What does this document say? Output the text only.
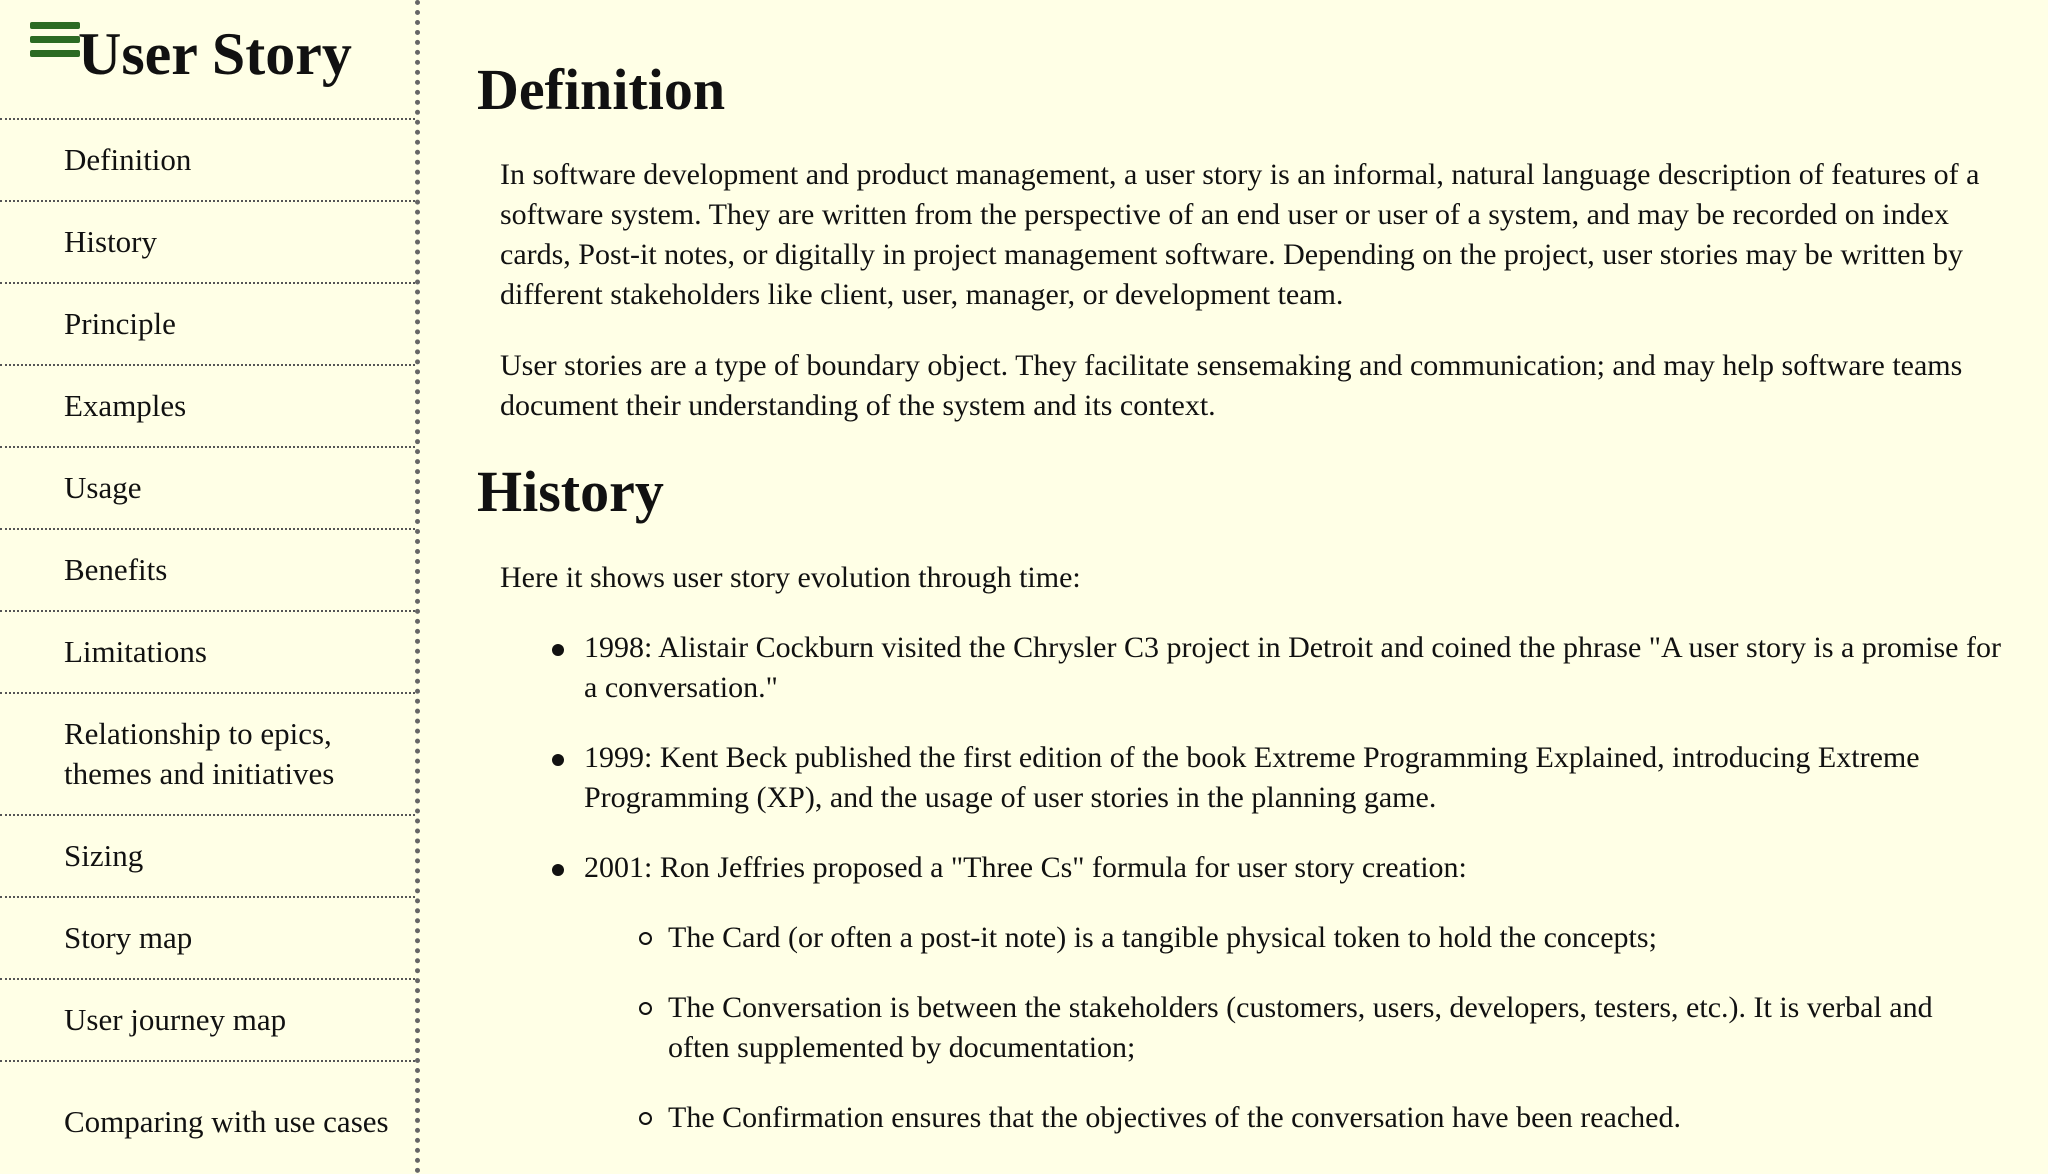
User Story
Definition
History
Principle
Examples
Usage
Benefits
Limitations
Relationship to epics, themes and initiatives
Sizing
Story map
User journey map
Comparing with use cases
Definition

In software development and product management, a user story is an informal, natural language description of features of a software system. They are written from the perspective of an end user or user of a system, and may be recorded on index cards, Post-it notes, or digitally in project management software. Depending on the project, user stories may be written by different stakeholders like client, user, manager, or development team.

User stories are a type of boundary object. They facilitate sensemaking and communication; and may help software teams document their understanding of the system and its context.

History

Here it shows user story evolution through time:

1998: Alistair Cockburn visited the Chrysler C3 project in Detroit and coined the phrase "A user story is a promise for a conversation."
1999: Kent Beck published the first edition of the book Extreme Programming Explained, introducing Extreme Programming (XP), and the usage of user stories in the planning game.
2001: Ron Jeffries proposed a "Three Cs" formula for user story creation:
The Card (or often a post-it note) is a tangible physical token to hold the concepts;
The Conversation is between the stakeholders (customers, users, developers, testers, etc.). It is verbal and often supplemented by documentation;
The Confirmation ensures that the objectives of the conversation have been reached.
